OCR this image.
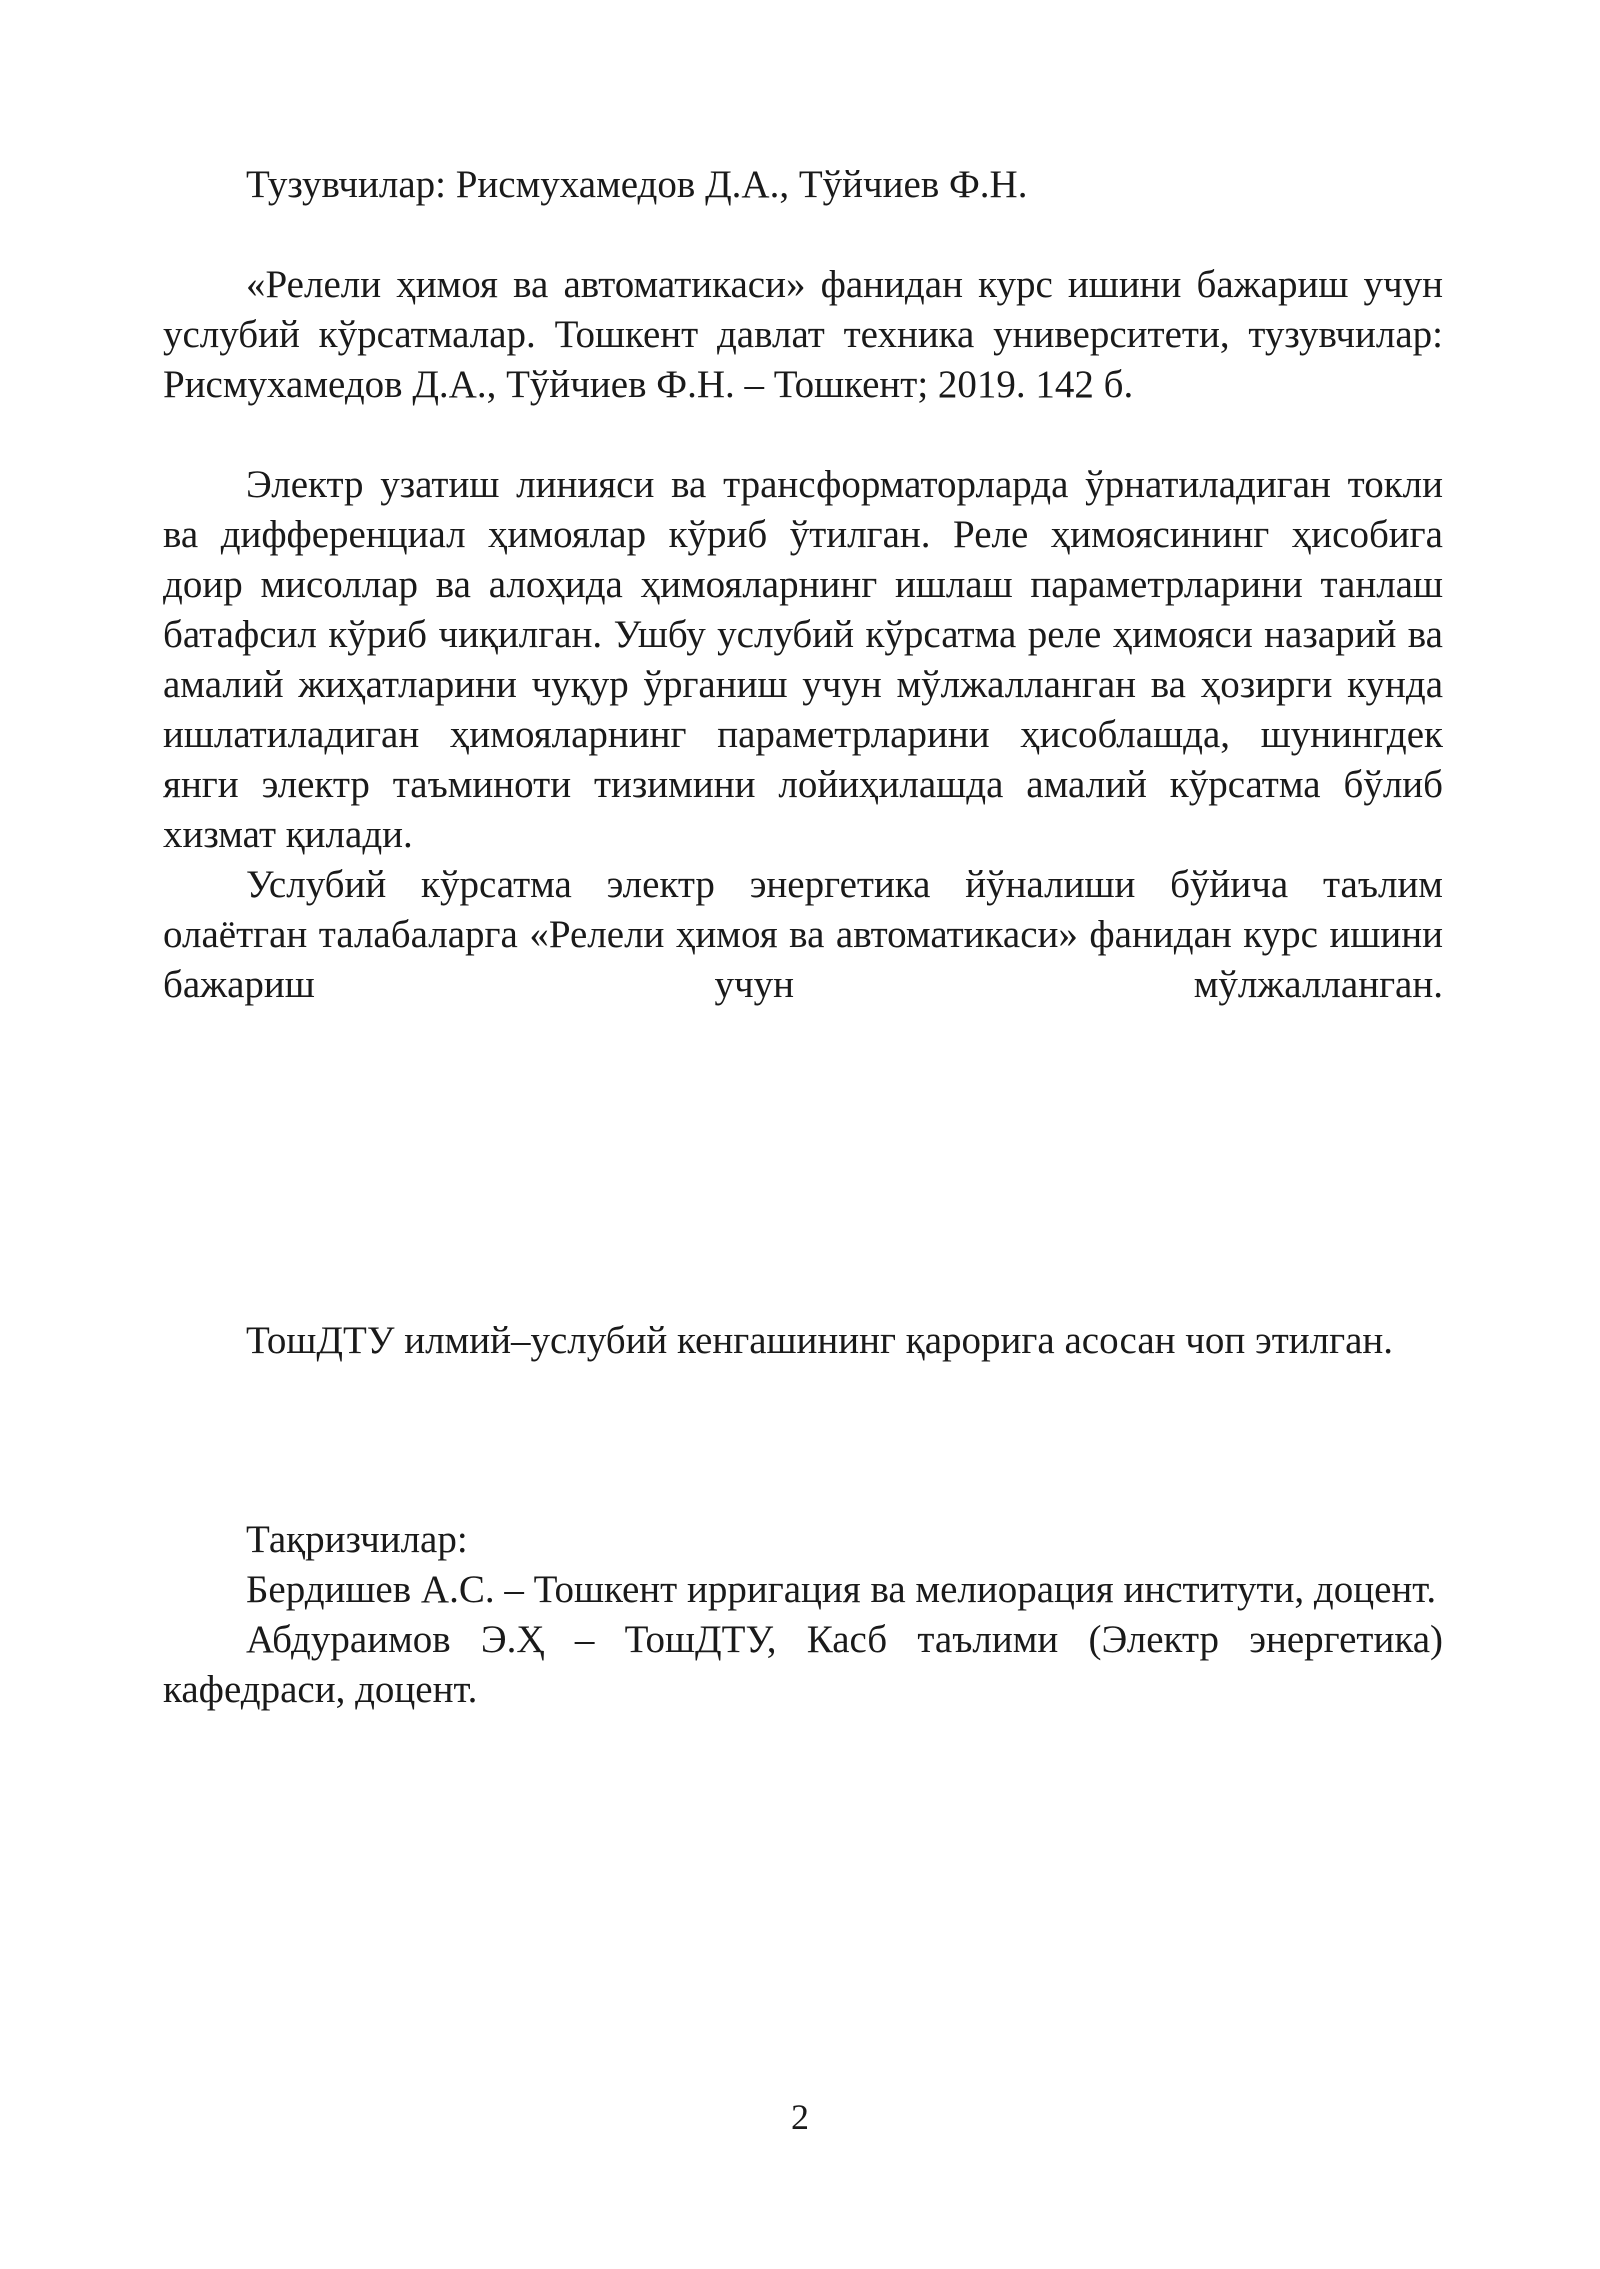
Тузувчилар: Рисмухамедов Д.А., Тўйчиев Ф.Н.

«Релели ҳимоя ва автоматикаси» фанидан курс ишини бажариш учун услубий кўрсатмалар. Тошкент давлат техника университети, тузувчилар: Рисмухамедов Д.А., Тўйчиев Ф.Н. – Тошкент; 2019. 142 б.

Электр узатиш линияси ва трансформаторларда ўрнатиладиган токли ва дифференциал ҳимоялар кўриб ўтилган. Реле ҳимоясининг ҳисобига доир мисоллар ва алоҳида ҳимояларнинг ишлаш параметрларини танлаш батафсил кўриб чиқилган. Ушбу услубий кўрсатма реле ҳимояси назарий ва амалий жиҳатларини чуқур ўрганиш учун мўлжалланган ва ҳозирги кунда ишлатиладиган ҳимояларнинг параметрларини ҳисоблашда, шунингдек янги электр таъминоти тизимини лойиҳилашда амалий кўрсатма бўлиб хизмат қилади.

Услубий кўрсатма электр энергетика йўналиши бўйича таълим олаётган талабаларга «Релели ҳимоя ва автоматикаси» фанидан курс ишини бажариш учун мўлжалланган.

ТошДТУ илмий–услубий кенгашининг қарорига асосан чоп этилган.

Тақризчилар:

Бердишев А.С. – Тошкент ирригация ва мелиорация институти, доцент.

Абдураимов Э.Ҳ – ТошДТУ, Касб таълими (Электр энергетика) кафедраси, доцент.

2
